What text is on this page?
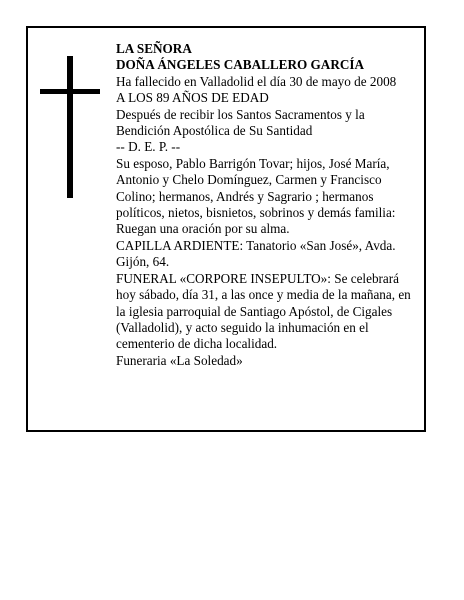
LA SEÑORA

DOÑA ÁNGELES CABALLERO GARCÍA

Ha fallecido en Valladolid el día 30 de mayo de 2008

A LOS 89 AÑOS DE EDAD

Después de recibir los Santos Sacramentos y la Bendición Apostólica de Su Santidad

-- D. E. P. --

Su esposo, Pablo Barrigón Tovar; hijos, José María, Antonio y Chelo Domínguez, Carmen y Francisco Colino; hermanos, Andrés y Sagrario ; hermanos políticos, nietos, bisnietos, sobrinos y demás familia:

Ruegan una oración por su alma.

CAPILLA ARDIENTE: Tanatorio «San José», Avda. Gijón, 64.

FUNERAL «CORPORE INSEPULTO»: Se celebrará hoy sábado, día 31, a las once y media de la mañana, en la iglesia parroquial de Santiago Apóstol, de Cigales (Valladolid), y acto seguido la inhumación en el cementerio de dicha localidad.

Funeraria «La Soledad»
